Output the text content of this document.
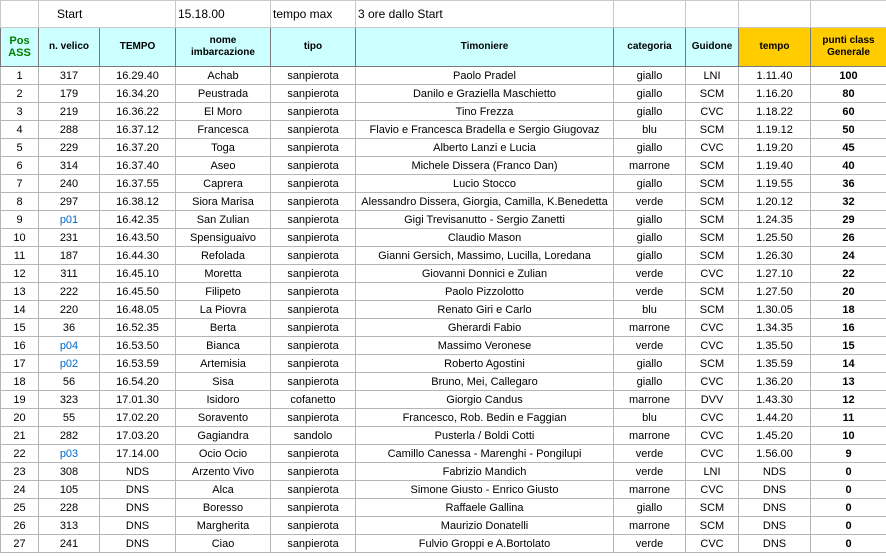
	Start		15.18.00	tempo max	3 ore dallo Start				
Pos ASS	n. velico	TEMPO	nome imbarcazione	tipo	Timoniere	categoria	Guidone	tempo	punti class Generale
1	317	16.29.40	Achab	sanpierota	Paolo Pradel	giallo	LNI	1.11.40	100
2	179	16.34.20	Peustrada	sanpierota	Danilo e Graziella Maschietto	giallo	SCM	1.16.20	80
3	219	16.36.22	El Moro	sanpierota	Tino Frezza	giallo	CVC	1.18.22	60
4	288	16.37.12	Francesca	sanpierota	Flavio e Francesca Bradella e Sergio Giugovaz	blu	SCM	1.19.12	50
5	229	16.37.20	Toga	sanpierota	Alberto Lanzi e Lucia	giallo	CVC	1.19.20	45
6	314	16.37.40	Aseo	sanpierota	Michele Dissera (Franco Dan)	marrone	SCM	1.19.40	40
7	240	16.37.55	Caprera	sanpierota	Lucio Stocco	giallo	SCM	1.19.55	36
8	297	16.38.12	Siora Marisa	sanpierota	Alessandro Dissera, Giorgia, Camilla, K.Benedetta	verde	SCM	1.20.12	32
9	p01	16.42.35	San Zulian	sanpierota	Gigi Trevisanutto - Sergio Zanetti	giallo	SCM	1.24.35	29
10	231	16.43.50	Spensiguaivo	sanpierota	Claudio Mason	giallo	SCM	1.25.50	26
11	187	16.44.30	Refolada	sanpierota	Gianni Gersich, Massimo, Lucilla, Loredana	giallo	SCM	1.26.30	24
12	311	16.45.10	Moretta	sanpierota	Giovanni Donnici e Zulian	verde	CVC	1.27.10	22
13	222	16.45.50	Filipeto	sanpierota	Paolo Pizzolotto	verde	SCM	1.27.50	20
14	220	16.48.05	La Piovra	sanpierota	Renato Giri e Carlo	blu	SCM	1.30.05	18
15	36	16.52.35	Berta	sanpierota	Gherardi Fabio	marrone	CVC	1.34.35	16
16	p04	16.53.50	Bianca	sanpierota	Massimo Veronese	verde	CVC	1.35.50	15
17	p02	16.53.59	Artemisia	sanpierota	Roberto Agostini	giallo	SCM	1.35.59	14
18	56	16.54.20	Sisa	sanpierota	Bruno, Mei, Callegaro	giallo	CVC	1.36.20	13
19	323	17.01.30	Isidoro	cofanetto	Giorgio Candus	marrone	DVV	1.43.30	12
20	55	17.02.20	Soravento	sanpierota	Francesco, Rob. Bedin e Faggian	blu	CVC	1.44.20	11
21	282	17.03.20	Gagiandra	sandolo	Pusterla / Boldi Cotti	marrone	CVC	1.45.20	10
22	p03	17.14.00	Ocio Ocio	sanpierota	Camillo Canessa - Marenghi - Pongilupi	verde	CVC	1.56.00	9
23	308	NDS	Arzento Vivo	sanpierota	Fabrizio Mandich	verde	LNI	NDS	0
24	105	DNS	Alca	sanpierota	Simone Giusto - Enrico Giusto	marrone	CVC	DNS	0
25	228	DNS	Boresso	sanpierota	Raffaele Gallina	giallo	SCM	DNS	0
26	313	DNS	Margherita	sanpierota	Maurizio Donatelli	marrone	SCM	DNS	0
27	241	DNS	Ciao	sanpierota	Fulvio Groppi e A.Bortolato	verde	CVC	DNS	0
